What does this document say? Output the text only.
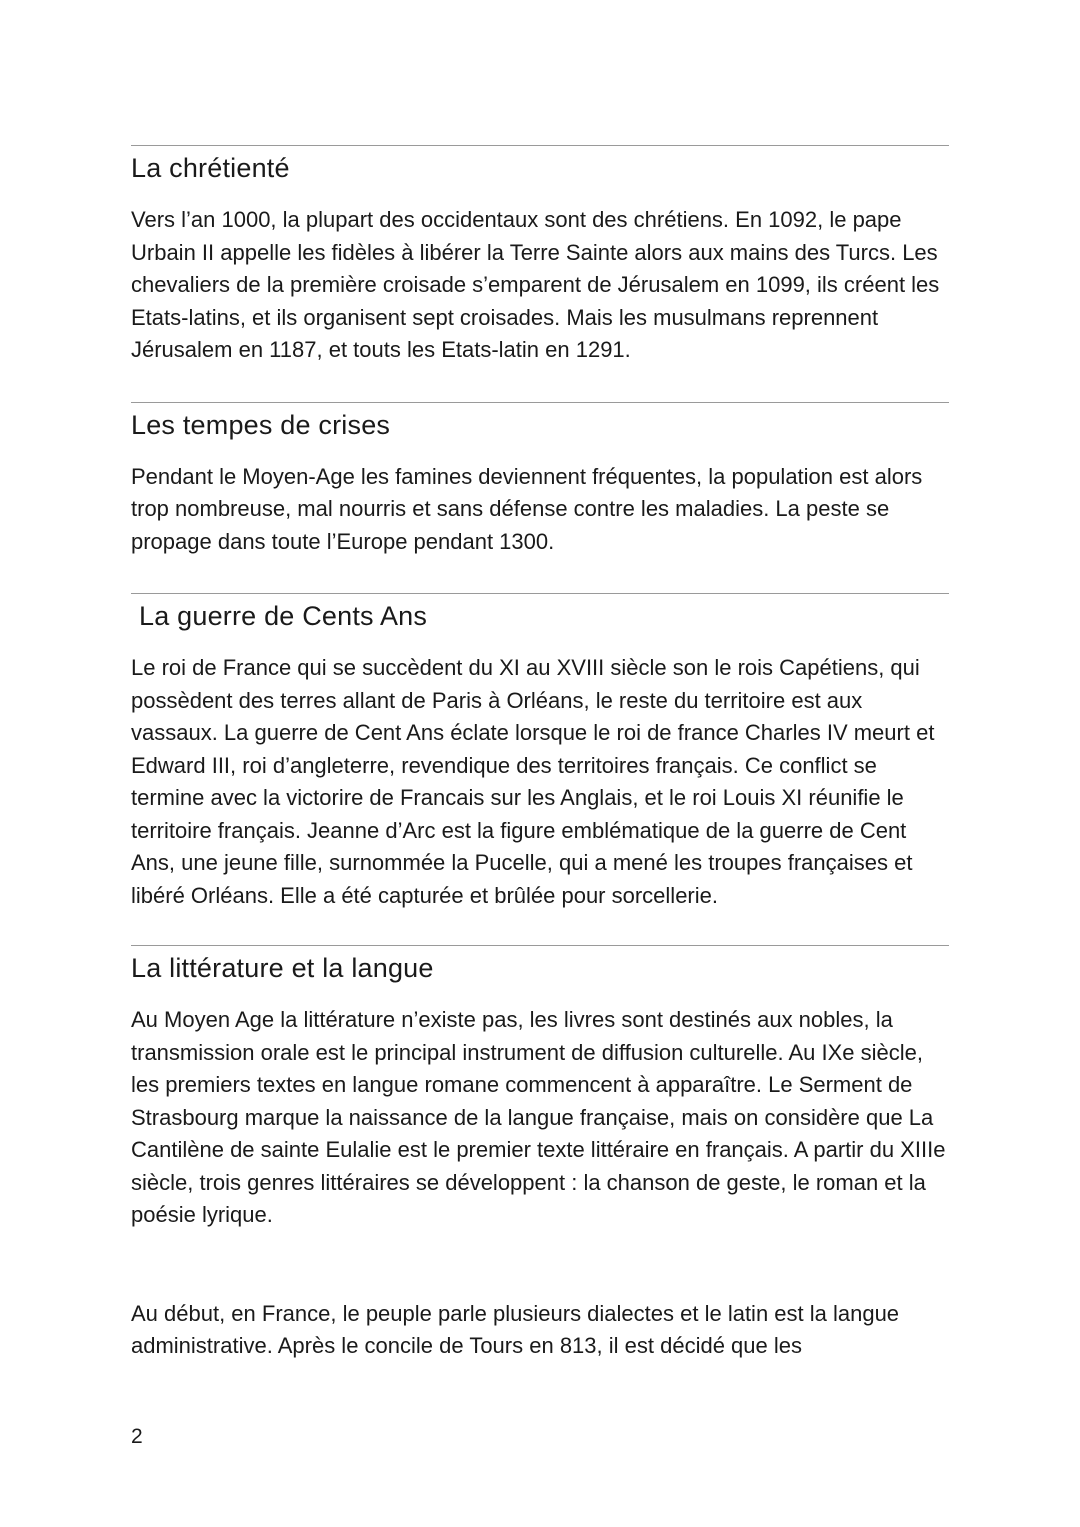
La chrétienté

Vers l’an 1000, la plupart des occidentaux sont des chrétiens. En 1092, le pape Urbain II appelle les fidèles à libérer la Terre Sainte alors aux mains des Turcs. Les chevaliers de la première croisade s’emparent de Jérusalem en 1099, ils créent les Etats-latins, et ils organisent sept croisades. Mais les musulmans reprennent Jérusalem en 1187, et touts les Etats-latin en 1291.

Les tempes de crises

Pendant le Moyen-Age les famines deviennent fréquentes, la population est alors trop nombreuse, mal nourris et sans défense contre les maladies. La peste se propage dans toute l’Europe pendant 1300.

La guerre de Cents Ans

Le roi de France qui se succèdent du XI au XVIII siècle son le rois Capétiens, qui possèdent des terres allant de Paris à Orléans, le reste du territoire est aux vassaux. La guerre de Cent Ans éclate lorsque le roi de france Charles IV meurt et Edward III, roi d’angleterre, revendique des territoires français. Ce conflict se termine avec la victorire de Francais sur les Anglais, et le roi Louis XI réunifie le territoire français. Jeanne d’Arc est la figure emblématique de la guerre de Cent Ans, une jeune fille, surnommée la Pucelle, qui a mené les troupes françaises et libéré Orléans. Elle a été capturée et brûlée pour sorcellerie.

La littérature et la langue

Au Moyen Age la littérature n’existe pas, les livres sont destinés aux nobles, la transmission orale est le principal instrument de diffusion culturelle. Au IXe siècle, les premiers textes en langue romane commencent à apparaître. Le Serment de Strasbourg marque la naissance de la langue française, mais on considère que La Cantilène de sainte Eulalie est le premier texte littéraire en français. A partir du XIIIe siècle, trois genres littéraires se développent : la chanson de geste, le roman et la poésie lyrique.

Au début, en France, le peuple parle plusieurs dialectes et le latin est la langue administrative. Après le concile de Tours en 813, il est décidé que les

2
